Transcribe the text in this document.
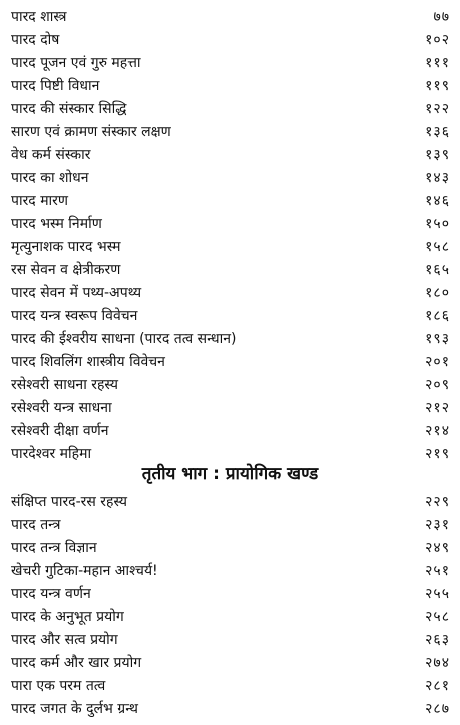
पारद शास्त्र	७७
पारद दोष	१०२
पारद पूजन एवं गुरु महत्ता	१११
पारद पिष्टी विधान	११९
पारद की संस्कार सिद्धि	१२२
सारण एवं क्रामण संस्कार लक्षण	१३६
वेध कर्म संस्कार	१३९
पारद का शोधन	१४३
पारद मारण	१४६
पारद भस्म निर्माण	१५०
मृत्युनाशक पारद भस्म	१५८
रस सेवन व क्षेत्रीकरण	१६५
पारद सेवन में पथ्य-अपथ्य	१८०
पारद यन्त्र स्वरूप विवेचन	१८६
पारद की ईश्वरीय साधना (पारद तत्व सन्धान)	१९३
पारद शिवलिंग शास्त्रीय विवेचन	२०१
रसेश्वरी साधना रहस्य	२०९
रसेश्वरी यन्त्र साधना	२१२
रसेश्वरी दीक्षा वर्णन	२१४
पारदेश्वर महिमा	२१९
तृतीय भाग : प्रायोगिक खण्ड
संक्षिप्त पारद-रस रहस्य	२२९
पारद तन्त्र	२३१
पारद तन्त्र विज्ञान	२४९
खेचरी गुटिका-महान आश्चर्य!	२५१
पारद यन्त्र वर्णन	२५५
पारद के अनुभूत प्रयोग	२५८
पारद और सत्व प्रयोग	२६३
पारद कर्म और खार प्रयोग	२७४
पारा एक परम तत्व	२८१
पारद जगत के दुर्लभ ग्रन्थ	२८७
